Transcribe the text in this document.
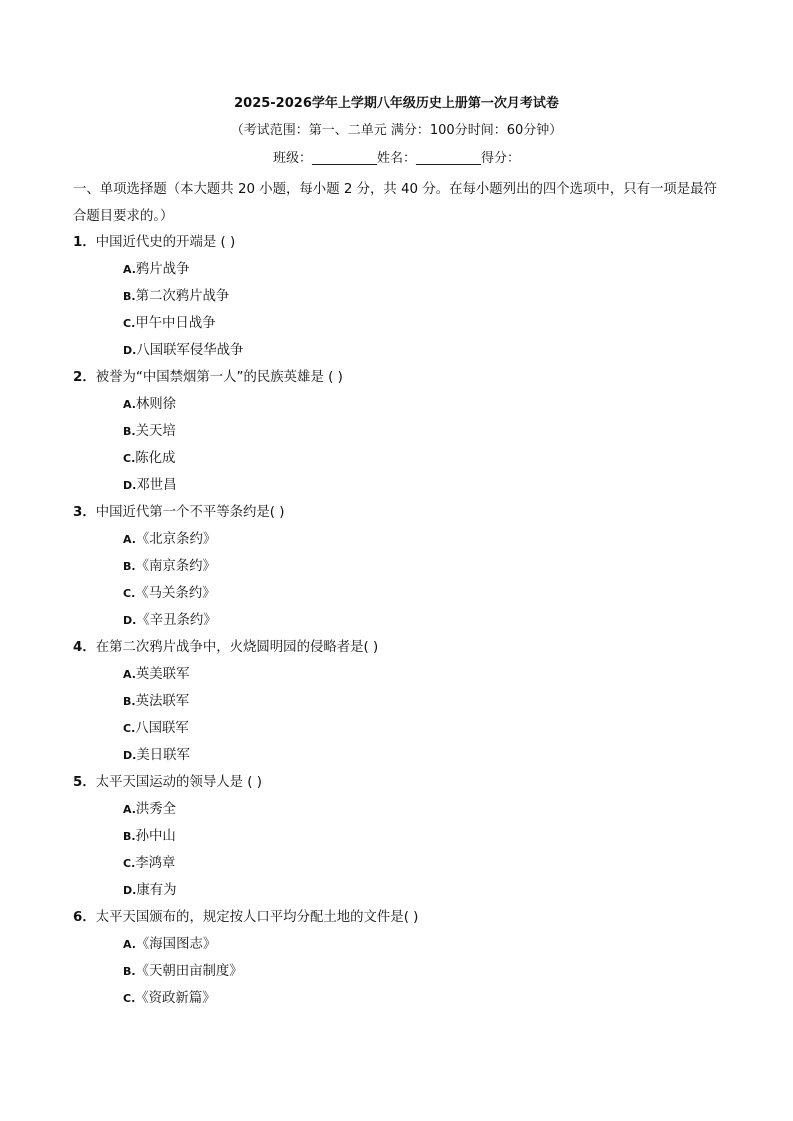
2025-2026学年上学期八年级历史上册第一次月考试卷
（考试范围：第一、二单元 满分：100分时间：60分钟）
班级：__________姓名：__________得分：
一、单项选择题（本大题共 20 小题，每小题 2 分，共 40 分。在每小题列出的四个选项中，只有一项是最符合题目要求的。）
1．中国近代史的开端是 ( )
A.鸦片战争
B.第二次鸦片战争
C.甲午中日战争
D.八国联军侵华战争
2．被誉为“中国禁烟第一人”的民族英雄是 ( )
A.林则徐
B.关天培
C.陈化成
D.邓世昌
3．中国近代第一个不平等条约是( )
A.《北京条约》
B.《南京条约》
C.《马关条约》
D.《辛丑条约》
4．在第二次鸦片战争中，火烧圆明园的侵略者是( )
A.英美联军
B.英法联军
C.八国联军
D.美日联军
5．太平天国运动的领导人是 ( )
A.洪秀全
B.孙中山
C.李鸿章
D.康有为
6．太平天国颁布的，规定按人口平均分配土地的文件是( )
A.《海国图志》
B.《天朝田亩制度》
C.《资政新篇》
